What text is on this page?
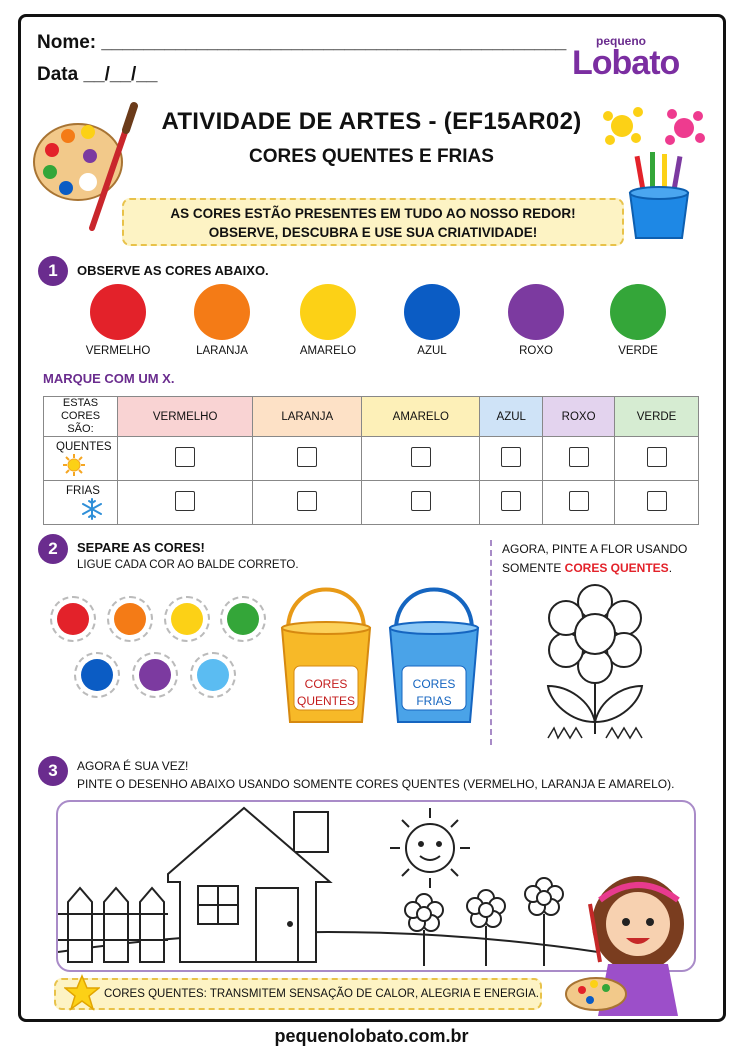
Nome: ____________________________________________
Data __/__/__
pequeno
Lobato
ATIVIDADE DE ARTES - (EF15AR02)
CORES QUENTES E FRIAS
AS CORES ESTÃO PRESENTES EM TUDO AO NOSSO REDOR!
OBSERVE, DESCUBRA E USE SUA CRIATIVIDADE!
1	OBSERVE AS CORES ABAIXO.
VERMELHO	LARANJA	AMARELO	AZUL	ROXO	VERDE
MARQUE COM UM X.
ESTAS CORES
SÃO:	VERMELHO	LARANJA	AMARELO	AZUL	ROXO	VERDE
QUENTES						
FRIAS						
2	SEPARE AS CORES!
LIGUE CADA COR AO BALDE CORRETO.
CORES
QUENTES
CORES
FRIAS
AGORA, PINTE A FLOR USANDO
SOMENTE CORES QUENTES.
3	AGORA É SUA VEZ!
PINTE O DESENHO ABAIXO USANDO SOMENTE CORES QUENTES (VERMELHO, LARANJA E AMARELO).
CORES QUENTES: TRANSMITEM SENSAÇÃO DE CALOR, ALEGRIA E ENERGIA.
pequenolobato.com.br
